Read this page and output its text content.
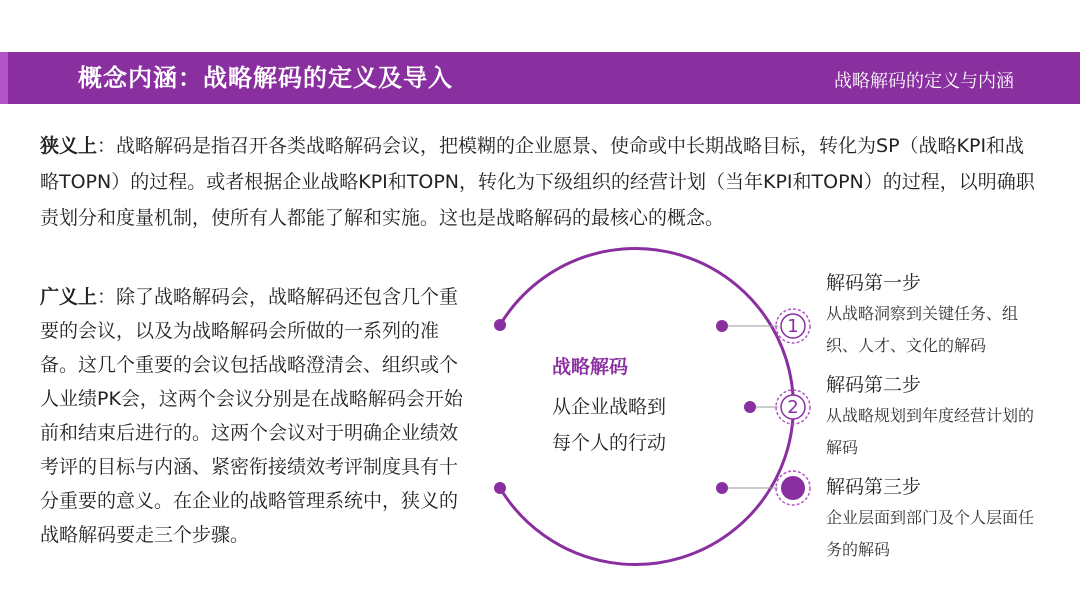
概念内涵：战略解码的定义及导入	战略解码的定义与内涵
狭义上：战略解码是指召开各类战略解码会议，把模糊的企业愿景、使命或中长期战略目标，转化为SP（战略KPI和战略TOPN）的过程。或者根据企业战略KPI和TOPN，转化为下级组织的经营计划（当年KPI和TOPN）的过程，以明确职责划分和度量机制，使所有人都能了解和实施。这也是战略解码的最核心的概念。
广义上：除了战略解码会，战略解码还包含几个重要的会议，以及为战略解码会所做的一系列的准备。这几个重要的会议包括战略澄清会、组织或个人业绩PK会，这两个会议分别是在战略解码会开始前和结束后进行的。这两个会议对于明确企业绩效考评的目标与内涵、紧密衔接绩效考评制度具有十分重要的意义。在企业的战略管理系统中，狭义的战略解码要走三个步骤。
1
2
战略解码
从企业战略到
每个人的行动
解码第一步
从战略洞察到关键任务、组织、人才、文化的解码
解码第二步
从战略规划到年度经营计划的解码
解码第三步
企业层面到部门及个人层面任务的解码
